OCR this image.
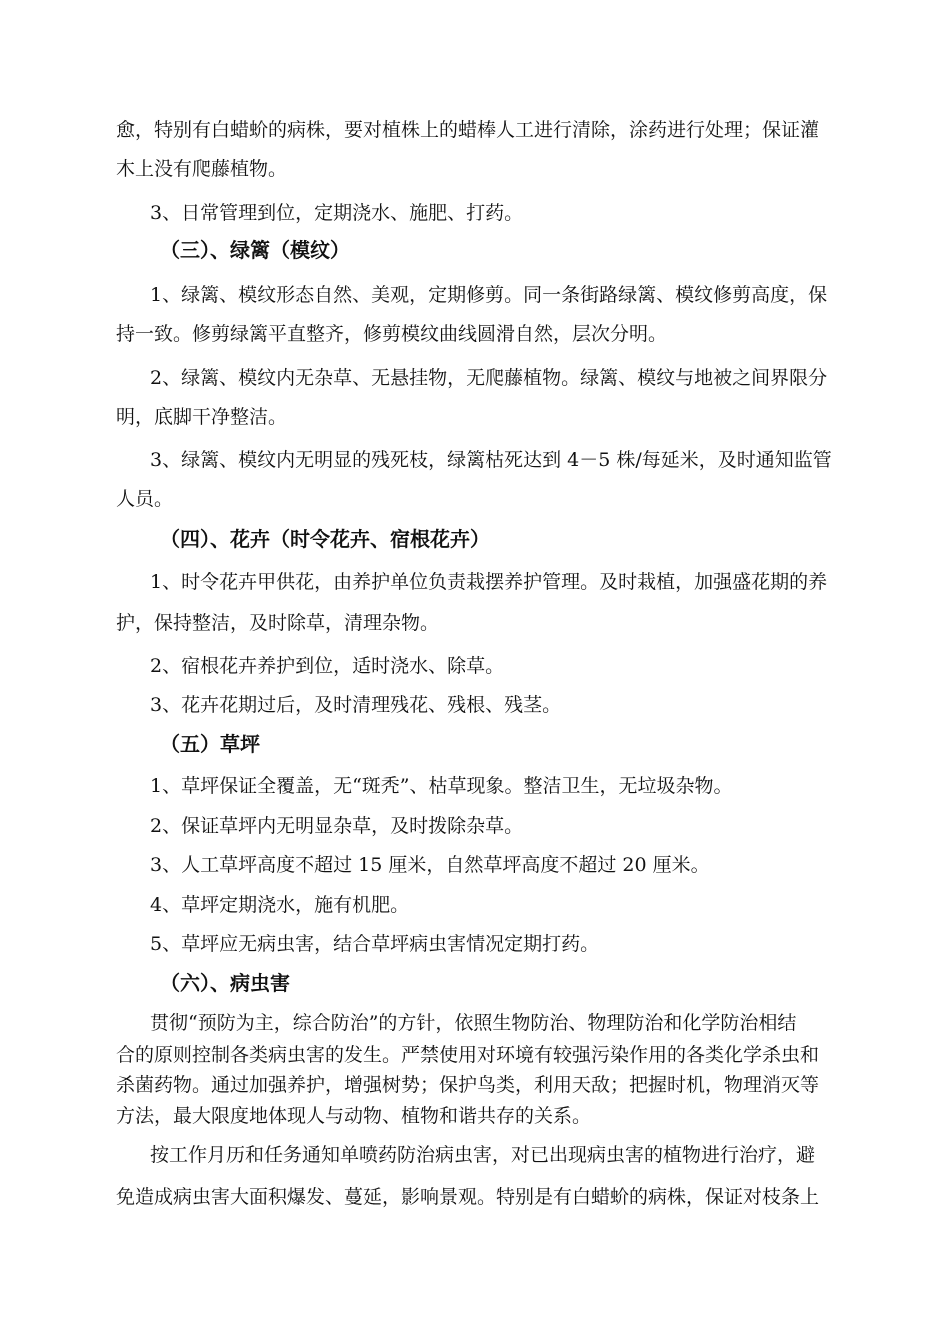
愈，特别有白蜡蚧的病株，要对植株上的蜡棒人工进行清除，涂药进行处理；保证灌
木上没有爬藤植物。
3、日常管理到位，定期浇水、施肥、打药。
（三）、绿篱（模纹）
1、绿篱、模纹形态自然、美观，定期修剪。同一条街路绿篱、模纹修剪高度，保
持一致。修剪绿篱平直整齐，修剪模纹曲线圆滑自然，层次分明。
2、绿篱、模纹内无杂草、无悬挂物，无爬藤植物。绿篱、模纹与地被之间界限分
明，底脚干净整洁。
3、绿篱、模纹内无明显的残死枝，绿篱枯死达到 4－5 株/每延米，及时通知监管
人员。
（四）、花卉（时令花卉、宿根花卉）
1、时令花卉甲供花，由养护单位负责栽摆养护管理。及时栽植，加强盛花期的养
护，保持整洁，及时除草，清理杂物。
2、宿根花卉养护到位，适时浇水、除草。
3、花卉花期过后，及时清理残花、残根、残茎。
（五）草坪
1、草坪保证全覆盖，无“斑秃”、枯草现象。整洁卫生，无垃圾杂物。
2、保证草坪内无明显杂草，及时拨除杂草。
3、人工草坪高度不超过 15 厘米，自然草坪高度不超过 20 厘米。
4、草坪定期浇水，施有机肥。
5、草坪应无病虫害，结合草坪病虫害情况定期打药。
（六）、病虫害
贯彻“预防为主，综合防治”的方针，依照生物防治、物理防治和化学防治相结
合的原则控制各类病虫害的发生。严禁使用对环境有较强污染作用的各类化学杀虫和
杀菌药物。通过加强养护，增强树势；保护鸟类，利用天敌；把握时机，物理消灭等
方法，最大限度地体现人与动物、植物和谐共存的关系。
按工作月历和任务通知单喷药防治病虫害，对已出现病虫害的植物进行治疗，避
免造成病虫害大面积爆发、蔓延，影响景观。特别是有白蜡蚧的病株，保证对枝条上
